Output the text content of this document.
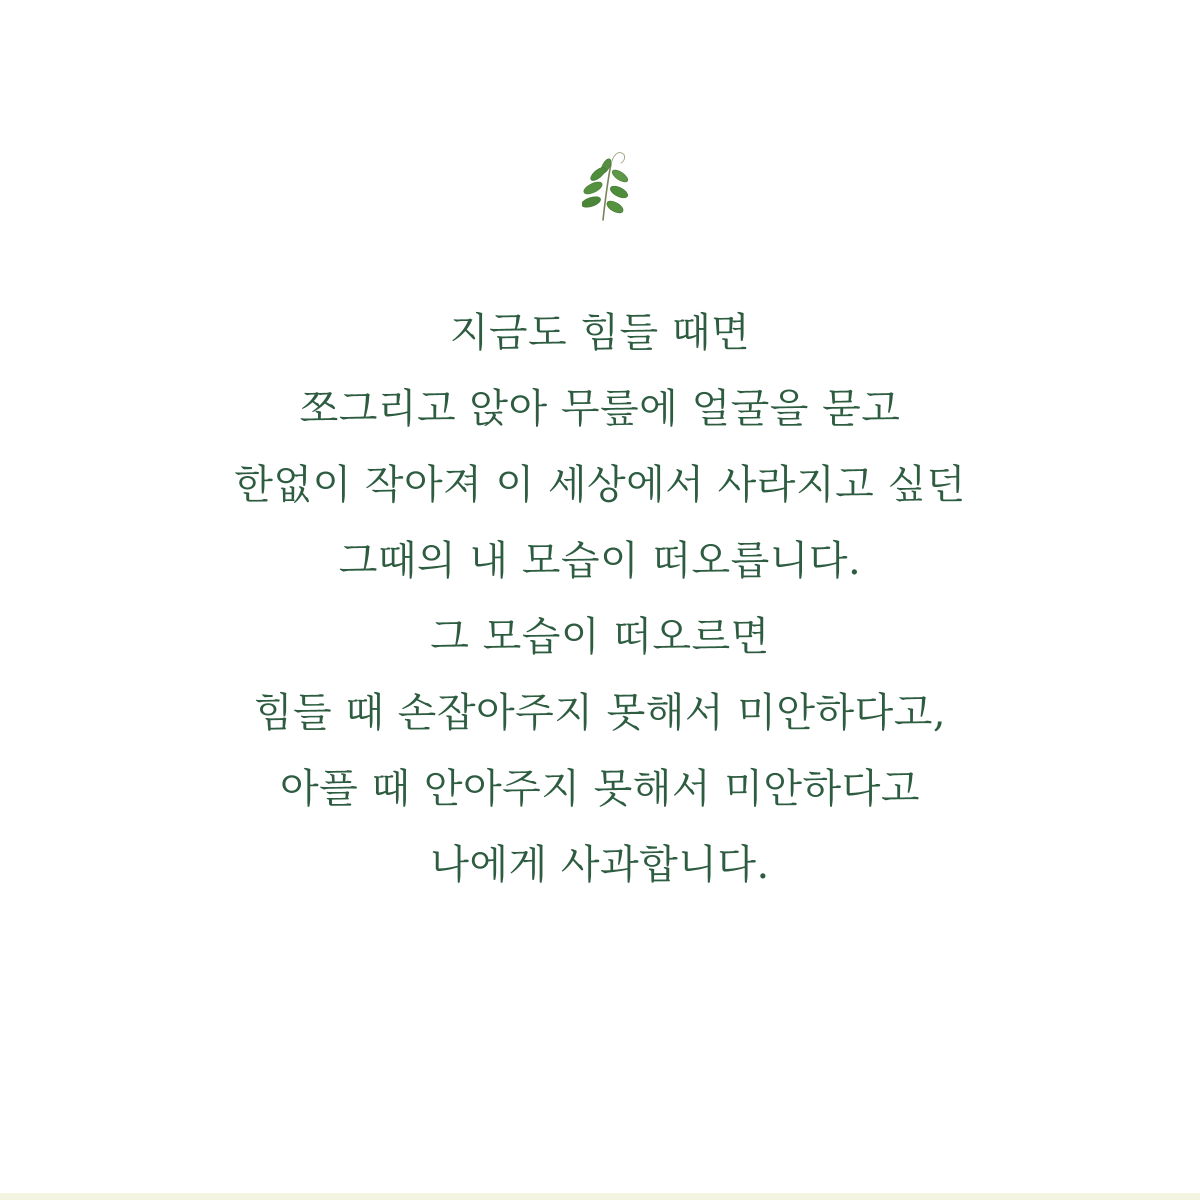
지금도 힘들 때면

쪼그리고 앉아 무릎에 얼굴을 묻고

한없이 작아져 이 세상에서 사라지고 싶던

그때의 내 모습이 떠오릅니다.

그 모습이 떠오르면

힘들 때 손잡아주지 못해서 미안하다고,

아플 때 안아주지 못해서 미안하다고

나에게 사과합니다.
